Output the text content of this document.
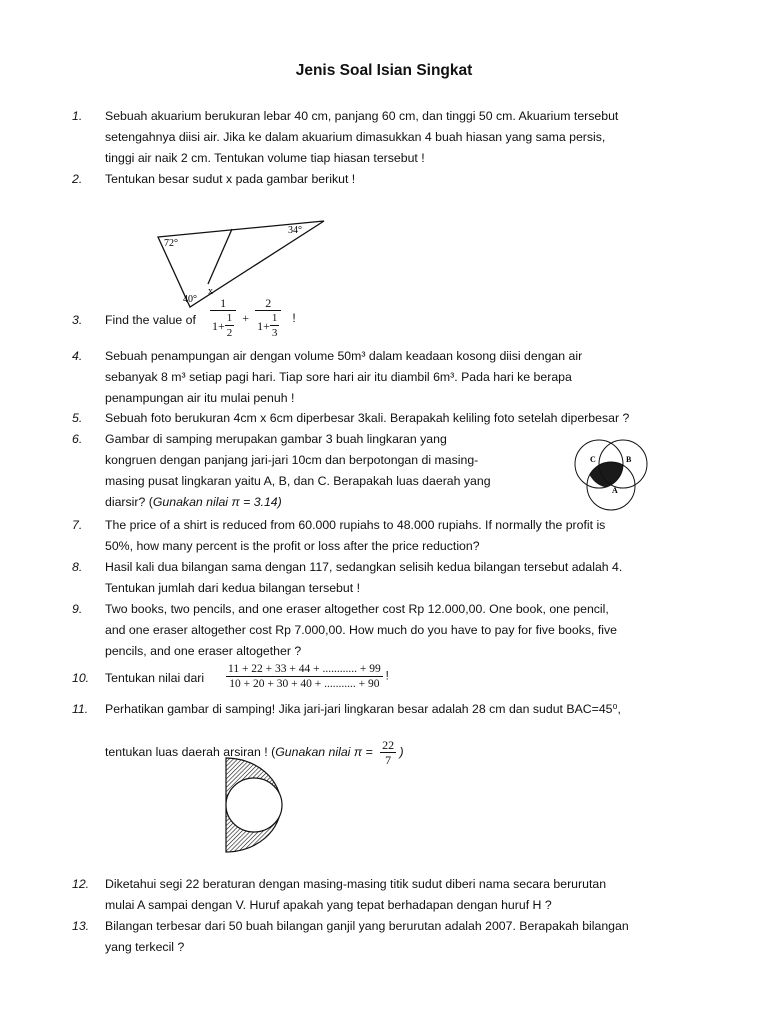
Jenis Soal Isian Singkat
1. Sebuah akuarium berukuran lebar 40 cm, panjang 60 cm, dan tinggi 50 cm. Akuarium tersebut
setengahnya diisi air. Jika ke dalam akuarium dimasukkan 4 buah hiasan yang sama persis,
tinggi air naik 2 cm. Tentukan volume tiap hiasan tersebut !
2. Tentukan besar sudut x pada gambar berikut !
72°
34°
40°
x
3. Find the value of	$\frac{1}{1+ \frac{1}{2}} + \frac{2}{1+ \frac{1}{3}}$ !
4. Sebuah penampungan air dengan volume 50m³ dalam keadaan kosong diisi dengan air
sebanyak 8 m³ setiap pagi hari. Tiap sore hari air itu diambil 6m³. Pada hari ke berapa
penampungan air itu mulai penuh !
5. Sebuah foto berukuran 4cm x 6cm diperbesar 3kali. Berapakah keliling foto setelah diperbesar ?
6. Gambar di samping merupakan gambar 3 buah lingkaran yang
kongruen dengan panjang jari-jari 10cm dan berpotongan di masing-
masing pusat lingkaran yaitu A, B, dan C. Berapakah luas daerah yang
diarsir? (Gunakan nilai π = 3.14)
C	B
A
7. The price of a shirt is reduced from 60.000 rupiahs to 48.000 rupiahs. If normally the profit is
50%, how many percent is the profit or loss after the price reduction?
8. Hasil kali dua bilangan sama dengan 117, sedangkan selisih kedua bilangan tersebut adalah 4.
Tentukan jumlah dari kedua bilangan tersebut !
9. Two books, two pencils, and one eraser altogether cost Rp 12.000,00. One book, one pencil,
and one eraser altogether cost Rp 7.000,00. How much do you have to pay for five books, five
pencils, and one eraser altogether ?
10. Tentukan nilai dari	$\frac{11 + 22 + 33 + 44 + ............ + 99}{10 + 20 + 30 + 40 + ........... + 90}$ !
11. Perhatikan gambar di samping! Jika jari-jari lingkaran besar adalah 28 cm dan sudut BAC=45⁰,
tentukan luas daerah arsiran ! (Gunakan nilai $\pi = \frac{22}{7}$ )
12. Diketahui segi 22 beraturan dengan masing-masing titik sudut diberi nama secara berurutan
mulai A sampai dengan V. Huruf apakah yang tepat berhadapan dengan huruf H ?
13. Bilangan terbesar dari 50 buah bilangan ganjil yang berurutan adalah 2007. Berapakah bilangan
yang terkecil ?
